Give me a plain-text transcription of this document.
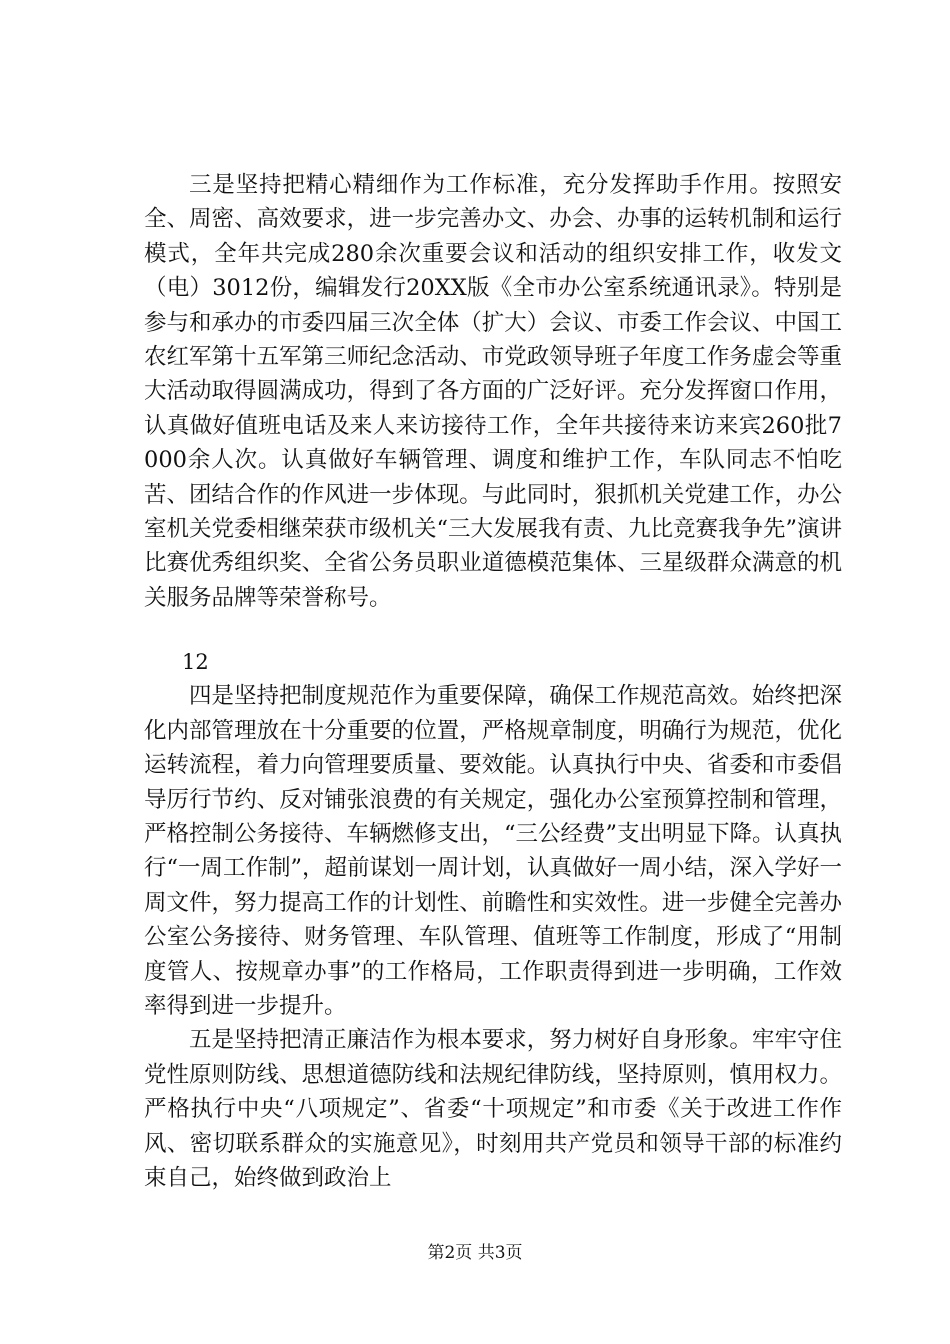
三是坚持把精心精细作为工作标准，充分发挥助手作用。按照安全、周密、高效要求，进一步完善办文、办会、办事的运转机制和运行模式，全年共完成280余次重要会议和活动的组织安排工作，收发文（电）3012份，编辑发行20XX版《全市办公室系统通讯录》。特别是参与和承办的市委四届三次全体（扩大）会议、市委工作会议、中国工农红军第十五军第三师纪念活动、市党政领导班子年度工作务虚会等重大活动取得圆满成功，得到了各方面的广泛好评。充分发挥窗口作用，认真做好值班电话及来人来访接待工作，全年共接待来访来宾260批7000余人次。认真做好车辆管理、调度和维护工作，车队同志不怕吃苦、团结合作的作风进一步体现。与此同时，狠抓机关党建工作，办公室机关党委相继荣获市级机关“三大发展我有责、九比竞赛我争先”演讲比赛优秀组织奖、全省公务员职业道德模范集体、三星级群众满意的机关服务品牌等荣誉称号。

12

四是坚持把制度规范作为重要保障，确保工作规范高效。始终把深化内部管理放在十分重要的位置，严格规章制度，明确行为规范，优化运转流程，着力向管理要质量、要效能。认真执行中央、省委和市委倡导厉行节约、反对铺张浪费的有关规定，强化办公室预算控制和管理，严格控制公务接待、车辆燃修支出，“三公经费”支出明显下降。认真执行“一周工作制”，超前谋划一周计划，认真做好一周小结，深入学好一周文件，努力提高工作的计划性、前瞻性和实效性。进一步健全完善办公室公务接待、财务管理、车队管理、值班等工作制度，形成了“用制度管人、按规章办事”的工作格局，工作职责得到进一步明确，工作效率得到进一步提升。

五是坚持把清正廉洁作为根本要求，努力树好自身形象。牢牢守住党性原则防线、思想道德防线和法规纪律防线，坚持原则，慎用权力。严格执行中央“八项规定”、省委“十项规定”和市委《关于改进工作作风、密切联系群众的实施意见》，时刻用共产党员和领导干部的标准约束自己，始终做到政治上

第2页 共3页
